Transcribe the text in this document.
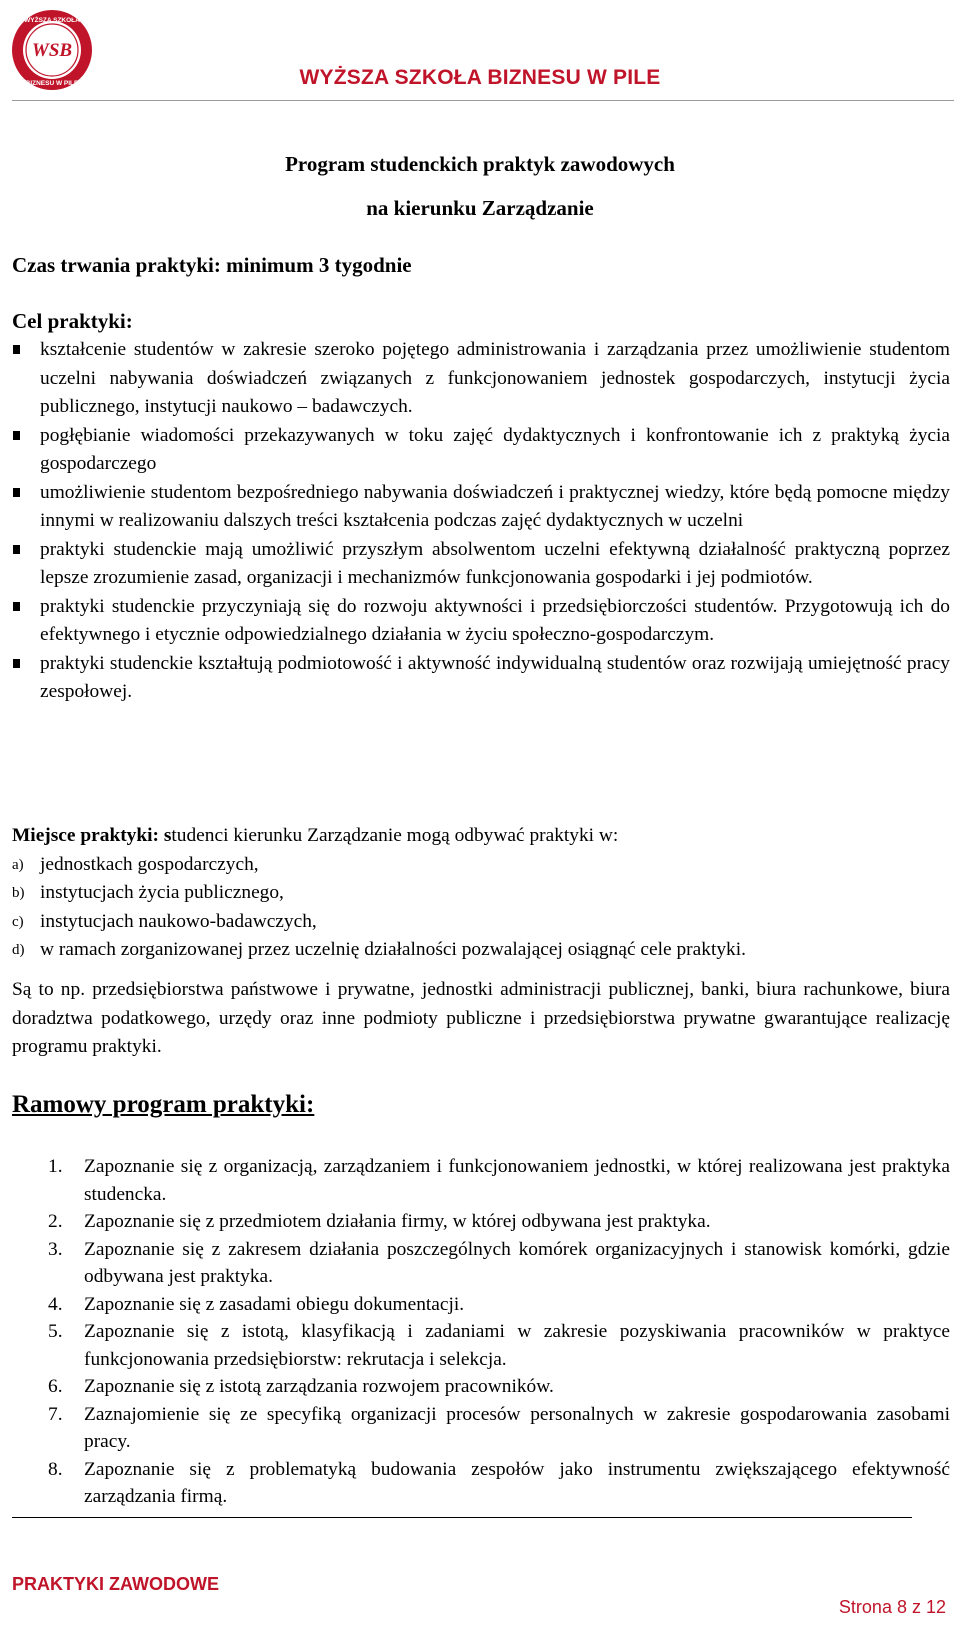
WSB
WYŻSZA SZKOŁA
BIZNESU W PILE	WYŻSZA SZKOŁA BIZNESU W PILE
Program studenckich praktyk zawodowych
na kierunku Zarządzanie
Czas trwania praktyki: minimum 3 tygodnie
Cel praktyki:
kształcenie studentów w zakresie szeroko pojętego administrowania i zarządzania przez umożliwienie studentom uczelni nabywania doświadczeń związanych z funkcjonowaniem jednostek gospodarczych, instytucji życia publicznego, instytucji naukowo – badawczych.
pogłębianie wiadomości przekazywanych w toku zajęć dydaktycznych i konfrontowanie ich z praktyką życia gospodarczego
umożliwienie studentom bezpośredniego nabywania doświadczeń i praktycznej wiedzy, które będą pomocne między innymi w realizowaniu dalszych treści kształcenia podczas zajęć dydaktycznych w uczelni
praktyki studenckie mają umożliwić przyszłym absolwentom uczelni efektywną działalność praktyczną poprzez lepsze zrozumienie zasad, organizacji i mechanizmów funkcjonowania gospodarki i jej podmiotów.
praktyki studenckie przyczyniają się do rozwoju aktywności i przedsiębiorczości studentów. Przygotowują ich do efektywnego i etycznie odpowiedzialnego działania w życiu społeczno-gospodarczym.
praktyki studenckie kształtują podmiotowość i aktywność indywidualną studentów oraz rozwijają umiejętność pracy zespołowej.
Miejsce praktyki: studenci kierunku Zarządzanie mogą odbywać praktyki w:
a) jednostkach gospodarczych,
b) instytucjach życia publicznego,
c) instytucjach naukowo-badawczych,
d) w ramach zorganizowanej przez uczelnię działalności pozwalającej osiągnąć cele praktyki.
Są to np. przedsiębiorstwa państwowe i prywatne, jednostki administracji publicznej, banki, biura rachunkowe, biura doradztwa podatkowego, urzędy oraz inne podmioty publiczne i przedsiębiorstwa prywatne gwarantujące realizację programu praktyki.
Ramowy program praktyki:
1. Zapoznanie się z organizacją, zarządzaniem i funkcjonowaniem jednostki, w której realizowana jest praktyka studencka.
2. Zapoznanie się z przedmiotem działania firmy, w której odbywana jest praktyka.
3. Zapoznanie się z zakresem działania poszczególnych komórek organizacyjnych i stanowisk komórki, gdzie odbywana jest praktyka.
4. Zapoznanie się z zasadami obiegu dokumentacji.
5. Zapoznanie się z istotą, klasyfikacją i zadaniami w zakresie pozyskiwania pracowników w praktyce funkcjonowania przedsiębiorstw: rekrutacja i selekcja.
6. Zapoznanie się z istotą zarządzania rozwojem pracowników.
7. Zaznajomienie się ze specyfiką organizacji procesów personalnych w zakresie gospodarowania zasobami pracy.
8. Zapoznanie się z problematyką budowania zespołów jako instrumentu zwiększającego efektywność zarządzania firmą.
PRAKTYKI ZAWODOWE
Strona 8 z 12
